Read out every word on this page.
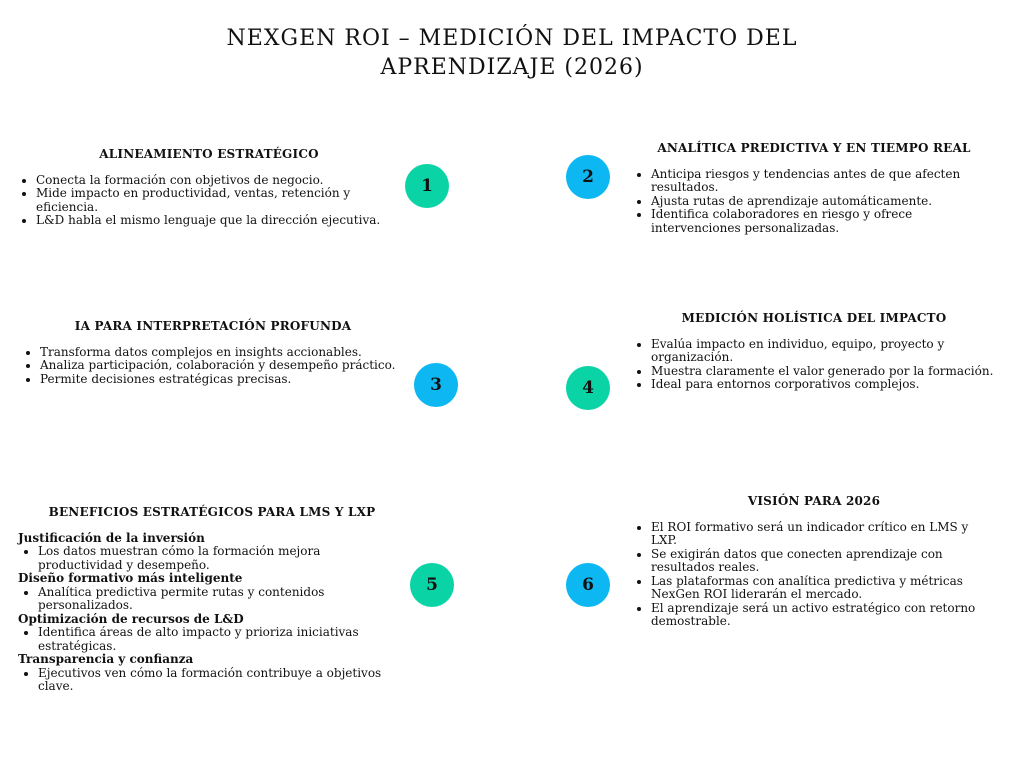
NEXGEN ROI – MEDICIÓN DEL IMPACTO DEL
APRENDIZAJE (2026)
ALINEAMIENTO ESTRATÉGICO
• Conecta la formación con objetivos de negocio.
• Mide impacto en productividad, ventas, retención y eficiencia.
• L&D habla el mismo lenguaje que la dirección ejecutiva.
1	2
ANALÍTICA PREDICTIVA Y EN TIEMPO REAL
• Anticipa riesgos y tendencias antes de que afecten resultados.
• Ajusta rutas de aprendizaje automáticamente.
• Identifica colaboradores en riesgo y ofrece intervenciones personalizadas.
IA PARA INTERPRETACIÓN PROFUNDA
• Transforma datos complejos en insights accionables.
• Analiza participación, colaboración y desempeño práctico.
• Permite decisiones estratégicas precisas.	3	4
MEDICIÓN HOLÍSTICA DEL IMPACTO
• Evalúa impacto en individuo, equipo, proyecto y organización.
• Muestra claramente el valor generado por la formación.
• Ideal para entornos corporativos complejos.
BENEFICIOS ESTRATÉGICOS PARA LMS Y LXP

Justificación de la inversión

• Los datos muestran cómo la formación mejora productividad y desempeño.

Diseño formativo más inteligente

• Analítica predictiva permite rutas y contenidos personalizados.

Optimización de recursos de L&D

• Identifica áreas de alto impacto y prioriza iniciativas estratégicas.

Transparencia y confianza

• Ejecutivos ven cómo la formación contribuye a objetivos clave.
5	6
VISIÓN PARA 2026
• El ROI formativo será un indicador crítico en LMS y LXP.
• Se exigirán datos que conecten aprendizaje con resultados reales.
• Las plataformas con analítica predictiva y métricas NexGen ROI liderarán el mercado.
• El aprendizaje será un activo estratégico con retorno demostrable.
